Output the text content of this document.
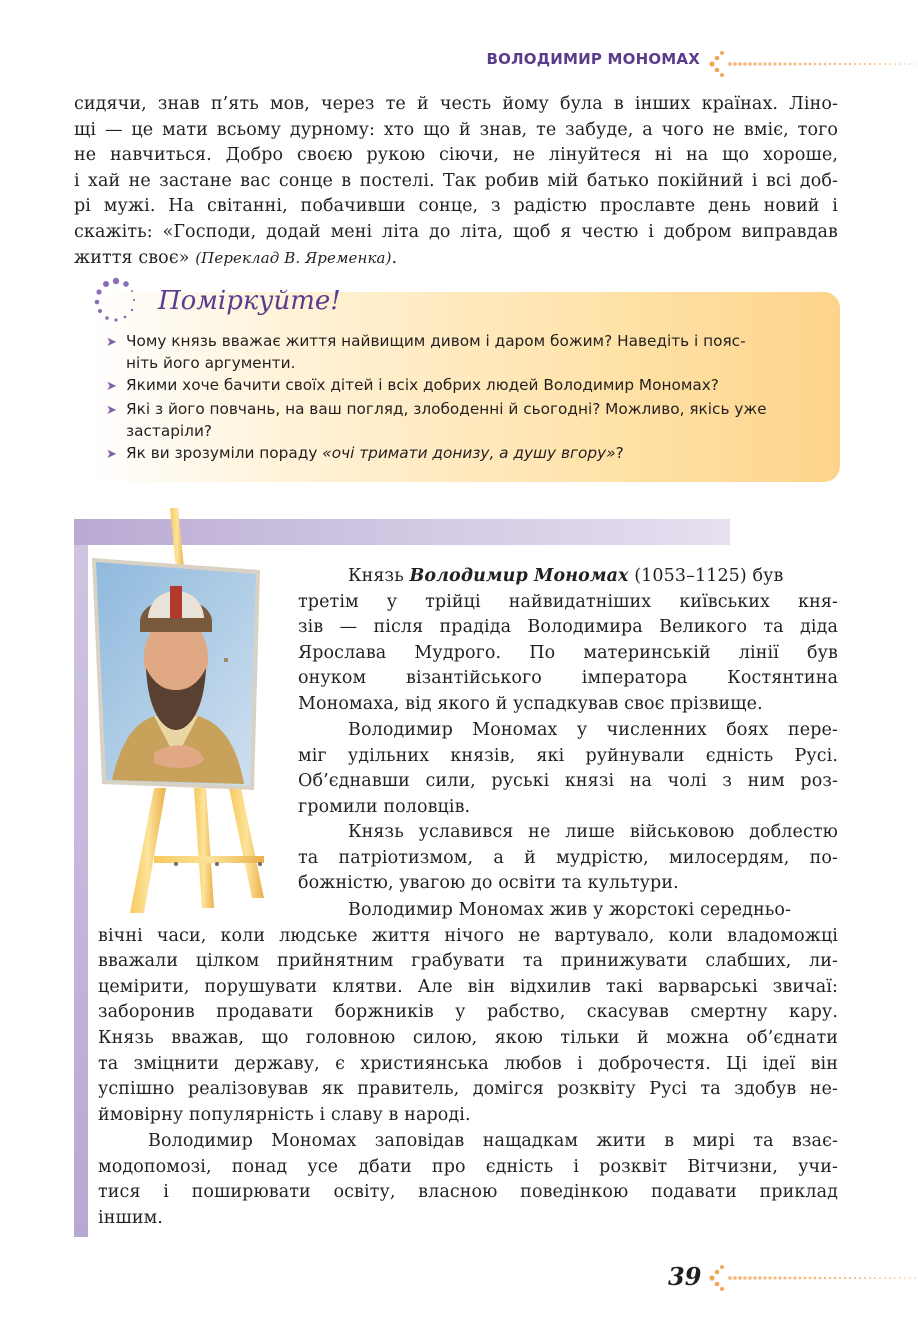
ВОЛОДИМИР МОНОМАХ

сидячи, знав п’ять мов, через те й честь йому була в інших країнах. Ліно-
щі — це мати всьому дурному: хто що й знав, те забуде, а чого не вміє, того
не навчиться. Добро своєю рукою сіючи, не лінуйтеся ні на що хороше,
і хай не застане вас сонце в постелі. Так робив мій батько покійний і всі доб-
рі мужі. На світанні, побачивши сонце, з радістю прославте день новий і
скажіть: «Господи, додай мені літа до літа, щоб я честю і добром виправдав
життя своє» (Переклад В. Яременка).

Поміркуйте!
➤ Чому князь вважає життя найвищим дивом і даром божим? Наведіть і пояс-
ніть його аргументи.
➤ Якими хоче бачити своїх дітей і всіх добрих людей Володимир Мономах?
➤ Які з його повчань, на ваш погляд, злободенні й сьогодні? Можливо, якісь уже
застаріли?
➤ Як ви зрозуміли пораду «очі тримати донизу, а душу вгору»?

Князь Володимир Мономах (1053–1125) був
третім у трійці найвидатніших київських кня-
зів — після прадіда Володимира Великого та діда
Ярослава Мудрого. По материнській лінії був
онуком візантійського імператора Костянтина
Мономаха, від якого й успадкував своє прізвище.

Володимир Мономах у численних боях пере-
міг удільних князів, які руйнували єдність Русі.
Об’єднавши сили, руські князі на чолі з ним роз-
громили половців.

Князь уславився не лише військовою доблестю
та патріотизмом, а й мудрістю, милосердям, по-
божністю, увагою до освіти та культури.

Володимир Мономах жив у жорстокі середньо-

вічні часи, коли людське життя нічого не вартувало, коли владоможці
вважали цілком прийнятним грабувати та принижувати слабших, ли-
цемірити, порушувати клятви. Але він відхилив такі варварські звичаї:
заборонив продавати боржників у рабство, скасував смертну кару.
Князь вважав, що головною силою, якою тільки й можна об’єднати
та зміцнити державу, є християнська любов і доброчестя. Ці ідеї він
успішно реалізовував як правитель, домігся розквіту Русі та здобув не-
ймовірну популярність і славу в народі.

Володимир Мономах заповідав нащадкам жити в мирі та взає-
модопомозі, понад усе дбати про єдність і розквіт Вітчизни, учи-
тися і поширювати освіту, власною поведінкою подавати приклад
іншим.

39
